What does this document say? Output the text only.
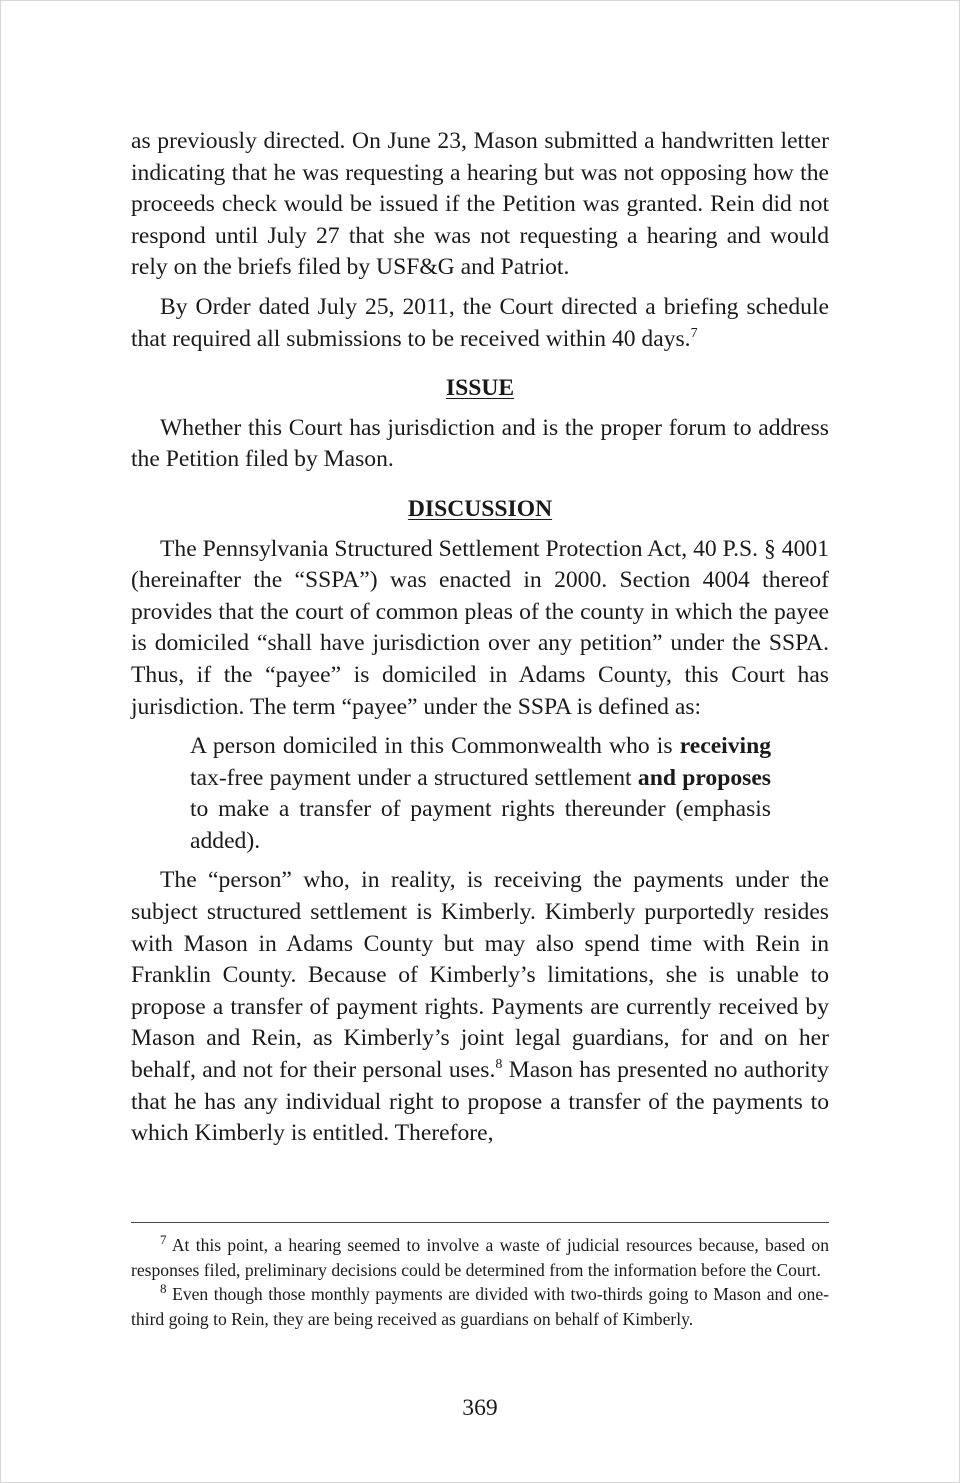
as previously directed. On June 23, Mason submitted a handwritten letter indicating that he was requesting a hearing but was not opposing how the proceeds check would be issued if the Petition was granted. Rein did not respond until July 27 that she was not requesting a hearing and would rely on the briefs filed by USF&G and Patriot.

By Order dated July 25, 2011, the Court directed a briefing schedule that required all submissions to be received within 40 days.$^7$

ISSUE

Whether this Court has jurisdiction and is the proper forum to address the Petition filed by Mason.

DISCUSSION

The Pennsylvania Structured Settlement Protection Act, 40 P.S. § 4001 (hereinafter the “SSPA”) was enacted in 2000. Section 4004 thereof provides that the court of common pleas of the county in which the payee is domiciled “shall have jurisdiction over any petition” under the SSPA. Thus, if the “payee” is domiciled in Adams County, this Court has jurisdiction. The term “payee” under the SSPA is defined as:

A person domiciled in this Commonwealth who is receiving tax-free payment under a structured settlement and proposes to make a transfer of payment rights thereunder (emphasis added).

The “person” who, in reality, is receiving the payments under the subject structured settlement is Kimberly. Kimberly purportedly resides with Mason in Adams County but may also spend time with Rein in Franklin County. Because of Kimberly’s limitations, she is unable to propose a transfer of payment rights. Payments are currently received by Mason and Rein, as Kimberly’s joint legal guardians, for and on her behalf, and not for their personal uses.$^8$ Mason has presented no authority that he has any individual right to propose a transfer of the payments to which Kimberly is entitled. Therefore,

$^7$ At this point, a hearing seemed to involve a waste of judicial resources because, based on responses filed, preliminary decisions could be determined from the information before the Court.

$^8$ Even though those monthly payments are divided with two-thirds going to Mason and one-third going to Rein, they are being received as guardians on behalf of Kimberly.

369
